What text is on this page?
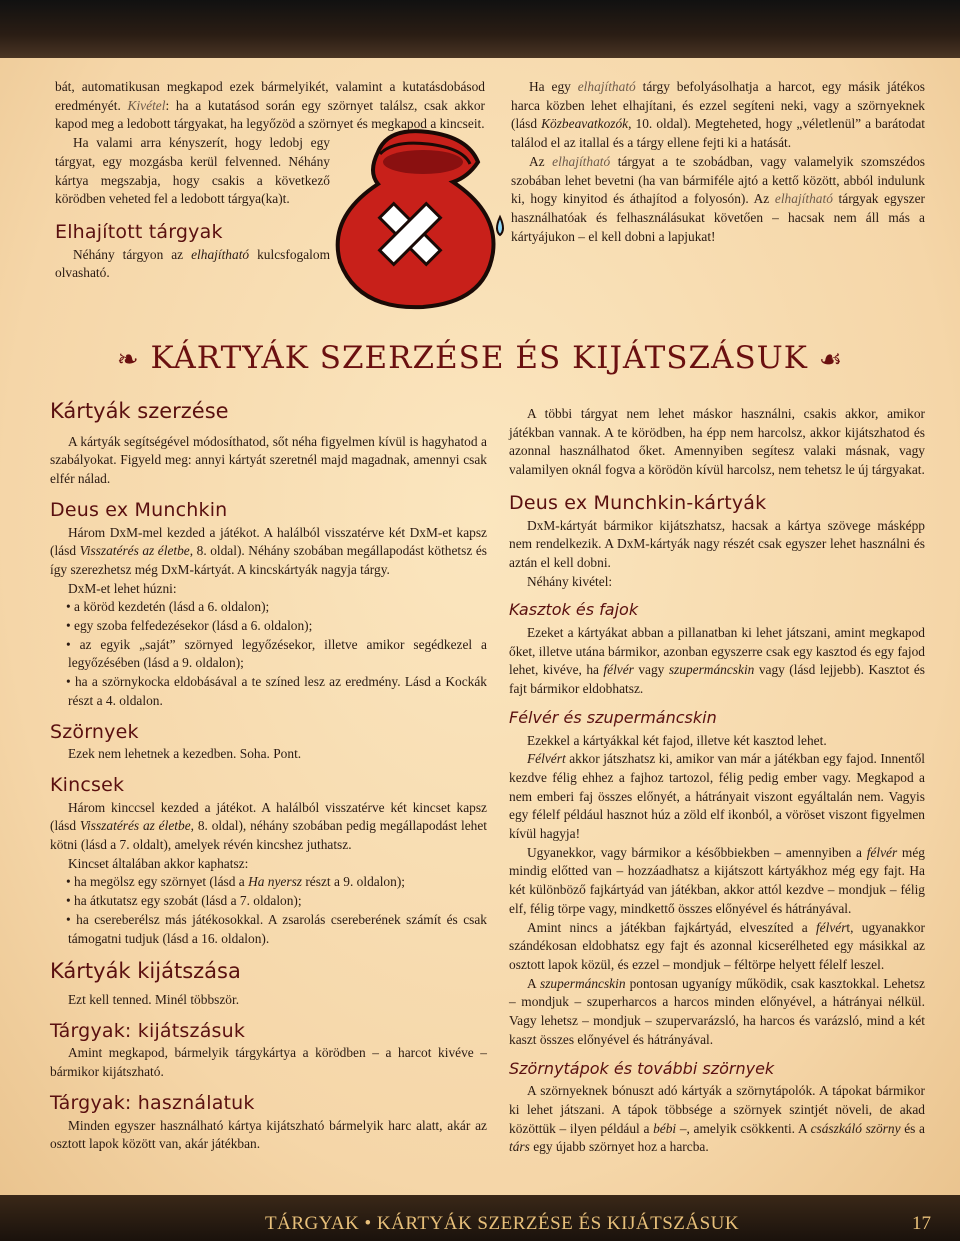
bát, automatikusan megkapod ezek bármelyikét, valamint a kutatásdobásod eredményét. Kivétel: ha a kutatásod során egy szörnyet találsz, csak akkor kapod meg a ledobott tárgyakat, ha legyőzöd a szörnyet és megkapod a kincseit.

Ha valami arra kényszerít, hogy ledobj egy tárgyat, egy mozgásba kerül felvenned. Néhány kártya megszabja, hogy csakis a következő körödben veheted fel a ledobott tárgya(ka)t.

Elhajított tárgyak

Néhány tárgyon az elhajítható kulcsfogalom olvasható.

Ha egy elhajítható tárgy befolyásolhatja a harcot, egy másik játékos harca közben lehet elhajítani, és ezzel segíteni neki, vagy a szörnyeknek (lásd Közbeavatkozók, 10. oldal). Megteheted, hogy „véletlenül” a barátodat találod el az itallal és a tárgy ellene fejti ki a hatását.

Az elhajítható tárgyat a te szobádban, vagy valamelyik szomszédos szobában lehet bevetni (ha van bármiféle ajtó a kettő között, abból indulunk ki, hogy kinyitod és áthajítod a folyosón). Az elhajítható tárgyak egyszer használhatóak és felhasználásukat követően – hacsak nem áll más a kártyájukon – el kell dobni a lapjukat!

❧ KÁRTYÁK SZERZÉSE ÉS KIJÁTSZÁSUK ☙
Kártyák szerzése

A kártyák segítségével módosíthatod, sőt néha figyelmen kívül is hagyhatod a szabályokat. Figyeld meg: annyi kártyát szeretnél majd magadnak, amennyi csak elfér nálad.

Deus ex Munchkin

Három DxM-mel kezded a játékot. A halálból visszatérve két DxM-et kapsz (lásd Visszatérés az életbe, 8. oldal). Néhány szobában megállapodást köthetsz és így szerezhetsz még DxM-kártyát. A kincskártyák nagyja tárgy.

DxM-et lehet húzni:

• a köröd kezdetén (lásd a 6. oldalon);

• egy szoba felfedezésekor (lásd a 6. oldalon);

• az egyik „saját” szörnyed legyőzésekor, illetve amikor segédkezel a legyőzésében (lásd a 9. oldalon);

• ha a szörnykocka eldobásával a te színed lesz az eredmény. Lásd a Kockák részt a 4. oldalon.

Szörnyek

Ezek nem lehetnek a kezedben. Soha. Pont.

Kincsek

Három kinccsel kezded a játékot. A halálból visszatérve két kincset kapsz (lásd Visszatérés az életbe, 8. oldal), néhány szobában pedig megállapodást lehet kötni (lásd a 7. oldalt), amelyek révén kincshez juthatsz.

Kincset általában akkor kaphatsz:

• ha megölsz egy szörnyet (lásd a Ha nyersz részt a 9. oldalon);

• ha átkutatsz egy szobát (lásd a 7. oldalon);

• ha csereberélsz más játékosokkal. A zsarolás csereberének számít és csak támogatni tudjuk (lásd a 16. oldalon).

Kártyák kijátszása

Ezt kell tenned. Minél többször.

Tárgyak: kijátszásuk

Amint megkapod, bármelyik tárgykártya a körödben – a harcot kivéve – bármikor kijátszható.

Tárgyak: használatuk

Minden egyszer használható kártya kijátszható bármelyik harc alatt, akár az osztott lapok között van, akár játékban.

A többi tárgyat nem lehet máskor használni, csakis akkor, amikor játékban vannak. A te körödben, ha épp nem harcolsz, akkor kijátszhatod és azonnal használhatod őket. Amennyiben segítesz valaki másnak, vagy valamilyen oknál fogva a körödön kívül harcolsz, nem tehetsz le új tárgyakat.

Deus ex Munchkin-kártyák

DxM-kártyát bármikor kijátszhatsz, hacsak a kártya szövege másképp nem rendelkezik. A DxM-kártyák nagy részét csak egyszer lehet használni és aztán el kell dobni.

Néhány kivétel:

Kasztok és fajok

Ezeket a kártyákat abban a pillanatban ki lehet játszani, amint megkapod őket, illetve utána bármikor, azonban egyszerre csak egy kasztod és egy fajod lehet, kivéve, ha félvér vagy szupermáncskin vagy (lásd lejjebb). Kasztot és fajt bármikor eldobhatsz.

Félvér és szupermáncskin

Ezekkel a kártyákkal két fajod, illetve két kasztod lehet.

Félvért akkor játszhatsz ki, amikor van már a játékban egy fajod. Innentől kezdve félig ehhez a fajhoz tartozol, félig pedig ember vagy. Megkapod a nem emberi faj összes előnyét, a hátrányait viszont egyáltalán nem. Vagyis egy félelf például hasznot húz a zöld elf ikonból, a vöröset viszont figyelmen kívül hagyja!

Ugyanekkor, vagy bármikor a későbbiekben – amennyiben a félvér még mindig előtted van – hozzáadhatsz a kijátszott kártyákhoz még egy fajt. Ha két különböző fajkártyád van játékban, akkor attól kezdve – mondjuk – félig elf, félig törpe vagy, mindkettő összes előnyével és hátrányával.

Amint nincs a játékban fajkártyád, elveszíted a félvért, ugyanakkor szándékosan eldobhatsz egy fajt és azonnal kicserélheted egy másikkal az osztott lapok közül, és ezzel – mondjuk – féltörpe helyett félelf leszel.

A szupermáncskin pontosan ugyanígy működik, csak kasztokkal. Lehetsz – mondjuk – szuperharcos a harcos minden előnyével, a hátrányai nélkül. Vagy lehetsz – mondjuk – szupervarázsló, ha harcos és varázsló, mind a két kaszt összes előnyével és hátrányával.

Szörnytápok és további szörnyek

A szörnyeknek bónuszt adó kártyák a szörnytápolók. A tápokat bármikor ki lehet játszani. A tápok többsége a szörnyek szintjét növeli, de akad közöttük – ilyen például a bébi –, amelyik csökkenti. A császkáló szörny és a társ egy újabb szörnyet hoz a harcba.

TÁRGYAK • KÁRTYÁK SZERZÉSE ÉS KIJÁTSZÁSUK	17
